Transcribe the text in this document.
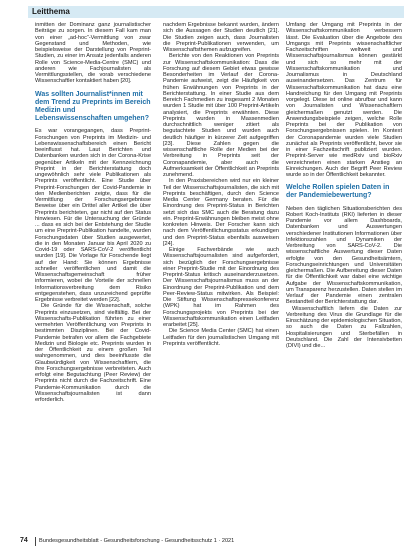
Leitthema

inmitten der Dominanz ganz journalistischer Beiträge zu sorgen. In diesem Fall kam man von einer „ad-hoc“-Vermittlung von zwar Gegenstand und Methoden, wie beispielsweise der Darstellung von Preprint-Studien, zu einer im Ansatz jedenfalls anderen Rolle von Science-Media-Centre (SMC) und anderen wie Fachjournalisten als Vermittlungsstellen, die vorab verschiedene Wissenschaftler kontaktiert haben [20].

Was sollten Journalist*innen mit dem Trend zu Preprints im Bereich Medizin und Lebenswissenschaften umgehen?

Es war vorangegangen, dass Preprint-Forschungen von Preprints im Medizin- und Lebenswissenschaftsbereich einen Bericht beeinflusst hat. Laut Berichten und Datenbanken wurden sich in der Corona-Krise gegenüber Artikeln mit der Kennzeichnung Preprint in der Berichterstattung doch ungewöhnlich sehr viele Publikationen als Preprints veröffentlicht. Eine Studie über Preprint-Forschungen der Covid-Pandemie in den Medienberichten zeigte, dass für die Vermittlung der Forschungsergebnisse Beweise über ein Drittel aller Artikel die über Preprints berichteten, gar nicht auf den Status hinwiesen. Für die Untersuchung der Gründe ... dass es sich bei der Entstehung der Studie um eine Preprint-Publikation handelte, wurden Forschungsdaten über Studien ausgewertet, die in den Monaten Januar bis April 2020 zu Covid-19 oder SARS-CoV-2 veröffentlicht wurden [19]. Die Vorlage für Forschende liegt auf der Hand: Sie können Ergebnisse schneller veröffentlichen und damit die Wissenschaftsgemeinschaft früher informieren, wobei die Vorteile der schnellen Informationsverbreitung dem Risiko entgegenstehen, dass unzureichend geprüfte Ergebnisse verbreitet werden [22].

Die Gründe für die Wissenschaft, solche Preprints einzusetzen, sind vielfältig. Bei der Wissenschafts-Publikation führten zu einer vermehrten Veröffentlichung von Preprints in bestimmten Disziplinen. Bei der Covid-Pandemie betrafen vor allem die Fachgebiete Medizin und Biologie etc. Preprints wurden in der Öffentlichkeit zu einem großen Teil wahrgenommen, und dies beeinflusste die Glaubwürdigkeit von Wissenschaftlern, die ihre Forschungsergebnisse verbreiteten. Auch erfolgt eine Begutachtung (Peer Review) der Preprints nicht durch die Fachzeitschrift. Eine Pandemie-Kommunikation durch die Wissenschaftsjournalisten ist dann erforderlich.

nachdem Ergebnisse bekannt wurden, ändern sich die Aussagen der Studien deutlich [21]. Die Studien zeigen auch, dass Journalisten die Preprint-Publikationen verwenden, um Wissenschaftsthemen aufzugreifen.

Berichte von den Reaktionen von Preprints zur Wissenschaftskommunikation: Dass die Forschung auf diesem Gebiet etwas gewisse Besonderheiten im Verlauf der Corona-Pandemie aufweist, zeigt die Häufigkeit von frühen Erwähnungen von Preprints in der Berichterstattung. In einer Studie aus dem Bereich Fachmedien zu insgesamt 2 Monaten wurden 1 Studie mit über 100 Preprint-Artikeln analysiert, die Preprints erwähnten. Diese Preprints wurden in Massenmedien durchschnittlich weniger zitiert als begutachtete Studien und wurden auch deutlich häufiger in kürzerer Zeit aufgegriffen [23]. Diese Zahlen gegen die wissenschaftliche Rolle der Medien bei der Verbreitung in Preprints seit der Coronapandemie, aber auch die Aufmerksamkeit der Öffentlichkeit an Preprints zunehmend.

In den Praxisbereichen wird nur ein kleiner Teil der Wissenschaftsjournalisten, die sich mit Preprints beschäftigen, durch den Science Media Center Germany beraten. Für die Einordnung des Preprint-Status in Berichten setzt sich das SMC auch die Beratung dazu ein. Preprint-Erwähnungen bleiben meist ohne konkreten Hinweis. Der Forscher kann sich nach dem Veröffentlichungsstatus erkundigen und den Preprint-Status ebenfalls ausweisen [24].

Einige Fachverbände wie auch Wissenschaftsjournalisten sind aufgefordert, sich bezüglich der Forschungsergebnisse einer Preprint-Studie mit der Einordnung des Preprint-Status kritisch auseinanderzusetzen. Der Wissenschaftsjournalismus muss an der Einordnung der Preprint-Publikation und dem Peer-Review-Status mitwirken. Als Beispiel: Die Stiftung Wissenschaftspressekonferenz (WPK) hat im Rahmen des Forschungsprojekts von Preprints bei der Wissenschaftskommunikation einen Leitfaden erarbeitet [25].

Die Science Media Center (SMC) hat einen Leitfaden für den journalistischen Umgang mit Preprints veröffentlicht.

Umfang der Umgang mit Preprints in der Wissenschaftskommunikation verbessern lässt. Die Evaluation über die Angebote des Umgangs mit Preprints wissenschaftlicher Fachzeitschriften weltweit und Wissenschaftsjournalismus können gestärkt und sich so mehr mit der Wissenschaftskommunikation und Journalismus in Deutschland auseinandersetzen. Das Zentrum für Wissenschaftskommunikation hat dazu eine Handreichung für den Umgang mit Preprints vorgelegt. Diese ist online abrufbar und kann von Journalisten und Wissenschaftlern gleichermaßen genutzt werden. Die Anwendungsbeispiele zeigen, welche Rolle Preprints bei der Publikation von Forschungsergebnissen spielen. Im Kontext der Coronapandemie wurden viele Studien zunächst als Preprints veröffentlicht, bevor sie in einer Fachzeitschrift publiziert wurden. Preprint-Server wie medRxiv und bioRxiv verzeichneten einen starken Anstieg an Einreichungen. Auch der Begriff Peer Review wurde so in der Öffentlichkeit bekannter.

Welche Rollen spielen Daten in der Pandemiebewertung?

Neben den täglichen Situationsberichten des Robert Koch-Instituts (RKI) lieferten in dieser Pandemie vor allem Dashboards, Datenbanken und Auswertungen verschiedener Institutionen Informationen über Infektionszahlen und Dynamiken der Verbreitung von SARS-CoV-2. Die wissenschaftliche Auswertung dieser Daten erfolgte von den Gesundheitsämtern, Forschungseinrichtungen und Universitäten gleichermaßen. Die Aufbereitung dieser Daten für die Öffentlichkeit war dabei eine wichtige Aufgabe der Wissenschaftskommunikation, um Transparenz herzustellen. Daten stellen im Verlauf der Pandemie einen zentralen Bestandteil der Berichterstattung dar.

Wissenschaftlich liefern die Daten zur Verbreitung des Virus die Grundlage für die Einschätzung der epidemiologischen Situation, so auch die Daten zu Fallzahlen, Hospitalisierungen und Sterbefällen in Deutschland. Die Zahl der Intensivbetten (DIVI) und die...

74 Bundesgesundheitsblatt - Gesundheitsforschung - Gesundheitsschutz 1 · 2021
